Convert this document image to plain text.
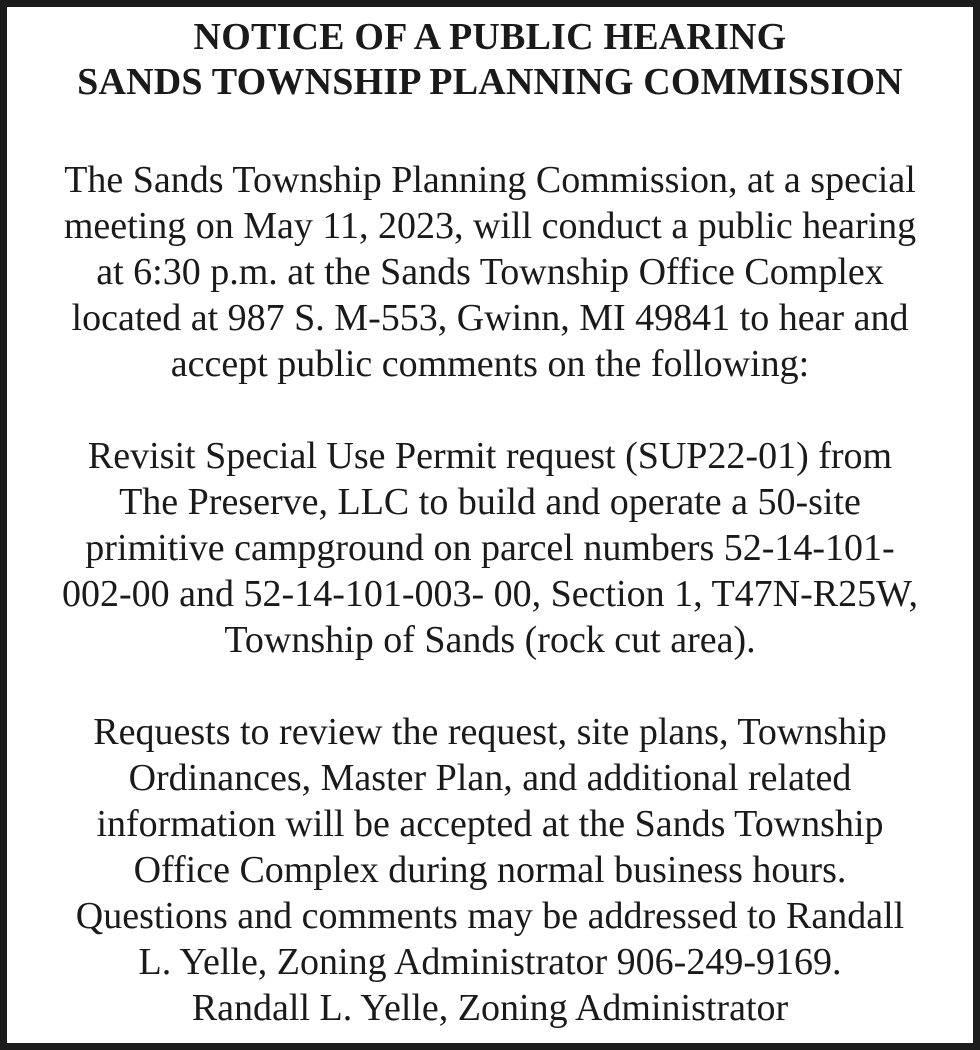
NOTICE OF A PUBLIC HEARING
SANDS TOWNSHIP PLANNING COMMISSION
The Sands Township Planning Commission, at a special
meeting on May 11, 2023, will conduct a public hearing
at 6:30 p.m. at the Sands Township Office Complex
located at 987 S. M-553, Gwinn, MI 49841 to hear and
accept public comments on the following:
Revisit Special Use Permit request (SUP22-01) from
The Preserve, LLC to build and operate a 50-site
primitive campground on parcel numbers 52-14-101-
002-00 and 52-14-101-003- 00, Section 1, T47N-R25W,
Township of Sands (rock cut area).
Requests to review the request, site plans, Township
Ordinances, Master Plan, and additional related
information will be accepted at the Sands Township
Office Complex during normal business hours.
Questions and comments may be addressed to Randall
L. Yelle, Zoning Administrator 906-249-9169.
Randall L. Yelle, Zoning Administrator
